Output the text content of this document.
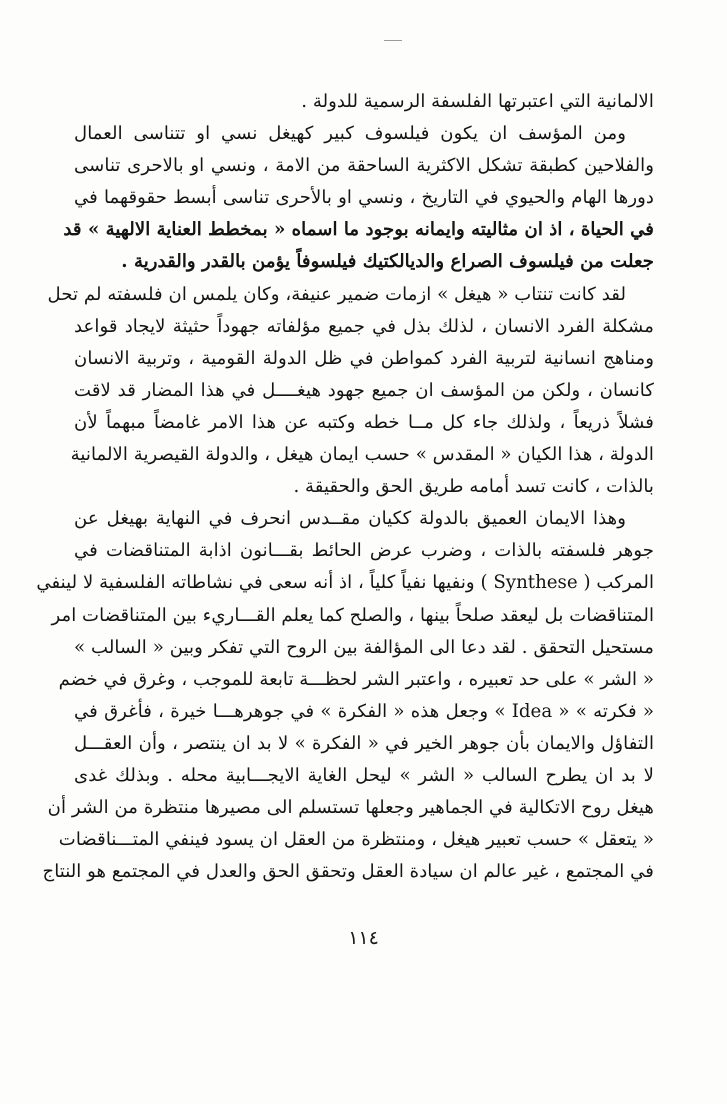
الالمانية التي اعتبرتها الفلسفة الرسمية للدولة .
ومن المؤسف ان يكون فيلسوف كبير كهيغل نسي او تتناسى العمال
والفلاحين كطبقة تشكل الاكثرية الساحقة من الامة ، ونسي او بالاحرى تناسى
دورها الهام والحيوي في التاريخ ، ونسي او بالأحرى تناسى أبسط حقوقهما في
في الحياة ، اذ ان مثاليته وايمانه بوجود ما اسماه « بمخطط العناية الالهية » قد
جعلت من فيلسوف الصراع والديالكتيك فيلسوفاً يؤمن بالقدر والقدرية .
لقد كانت تنتاب « هيغل » ازمات ضمير عنيفة، وكان يلمس ان فلسفته لم تحل
مشكلة الفرد الانسان ، لذلك بذل في جميع مؤلفاته جهوداً حثيثة لايجاد قواعد
ومناهج انسانية لتربية الفرد كمواطن في ظل الدولة القومية ، وتربية الانسان
كانسان ، ولكن من المؤسف ان جميع جهود هيغــــل في هذا المضار قد لاقت
فشلاً ذريعاً ، ولذلك جاء كل مــا خطه وكتبه عن هذا الامر غامضاً مبهماً لأن
الدولة ، هذا الكيان « المقدس » حسب ايمان هيغل ، والدولة القيصرية الالمانية
بالذات ، كانت تسد أمامه طريق الحق والحقيقة .
وهذا الايمان العميق بالدولة ككيان مقــدس انحرف في النهاية بهيغل عن
جوهر فلسفته بالذات ، وضرب عرض الحائط بقـــانون اذابة المتناقضات في
المركب ( Synthese ) ونفيها نفياً كلياً ، اذ أنه سعى في نشاطاته الفلسفية لا لينفي
المتناقضات بل ليعقد صلحاً بينها ، والصلح كما يعلم القـــاريء بين المتناقضات امر
مستحيل التحقق . لقد دعا الى المؤالفة بين الروح التي تفكر وبين « السالب »
« الشر » على حد تعبيره ، واعتبر الشر لحظـــة تابعة للموجب ، وغرق في خضم
« فكرته » « Idea » وجعل هذه « الفكرة » في جوهرهـــا خيرة ، فأغرق في
التفاؤل والايمان بأن جوهر الخير في « الفكرة » لا بد ان ينتصر ، وأن العقـــل
لا بد ان يطرح السالب « الشر » ليحل الغاية الايجـــابية محله . وبذلك غدى
هيغل روح الاتكالية في الجماهير وجعلها تستسلم الى مصيرها منتظرة من الشر أن
« يتعقل » حسب تعبير هيغل ، ومنتظرة من العقل ان يسود فينفي المتـــناقضات
في المجتمع ، غير عالم ان سيادة العقل وتحقق الحق والعدل في المجتمع هو النتاج
١١٤
